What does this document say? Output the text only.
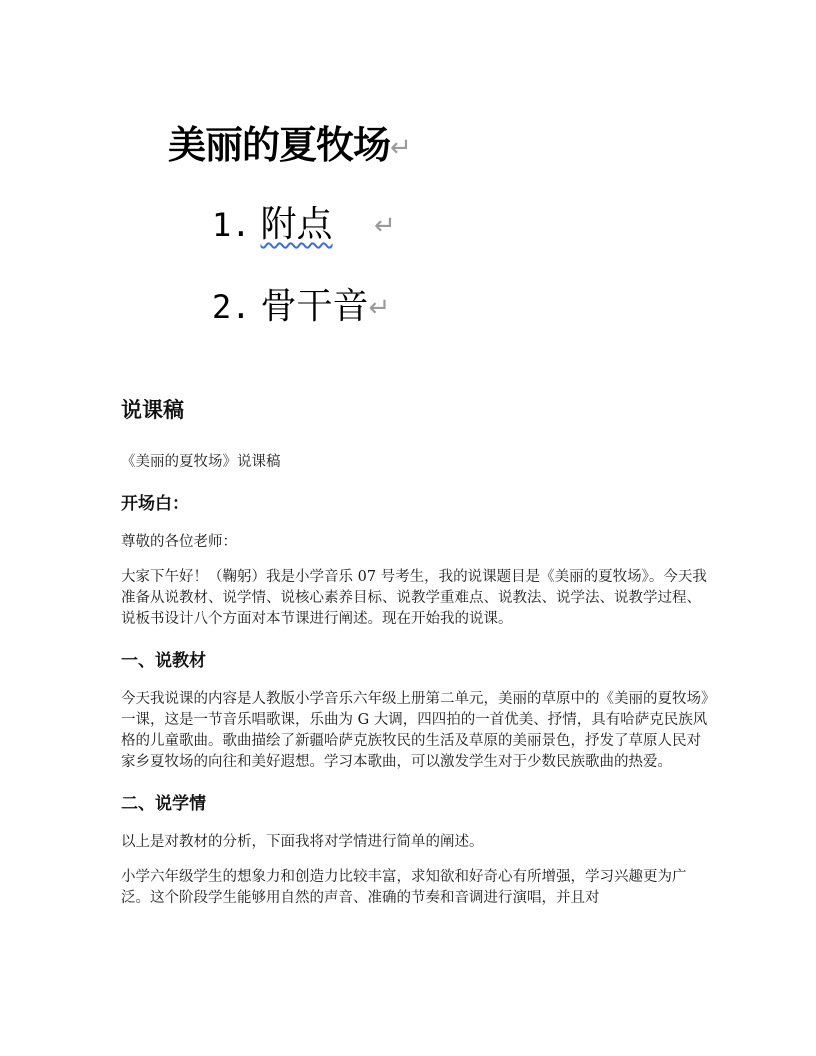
美丽的夏牧场↵
1. 附点 ↵
2. 骨干音↵
说课稿

《美丽的夏牧场》说课稿

开场白：

尊敬的各位老师：

大家下午好！（鞠躬）我是小学音乐 07 号考生，我的说课题目是《美丽的夏牧场》。今天我准备从说教材、说学情、说核心素养目标、说教学重难点、说教法、说学法、说教学过程、说板书设计八个方面对本节课进行阐述。现在开始我的说课。

一、说教材

今天我说课的内容是人教版小学音乐六年级上册第二单元，美丽的草原中的《美丽的夏牧场》一课，这是一节音乐唱歌课，乐曲为 G 大调，四四拍的一首优美、抒情，具有哈萨克民族风格的儿童歌曲。歌曲描绘了新疆哈萨克族牧民的生活及草原的美丽景色，抒发了草原人民对家乡夏牧场的向往和美好遐想。学习本歌曲，可以激发学生对于少数民族歌曲的热爱。

二、说学情

以上是对教材的分析，下面我将对学情进行简单的阐述。

小学六年级学生的想象力和创造力比较丰富，求知欲和好奇心有所增强，学习兴趣更为广泛。这个阶段学生能够用自然的声音、准确的节奏和音调进行演唱，并且对
